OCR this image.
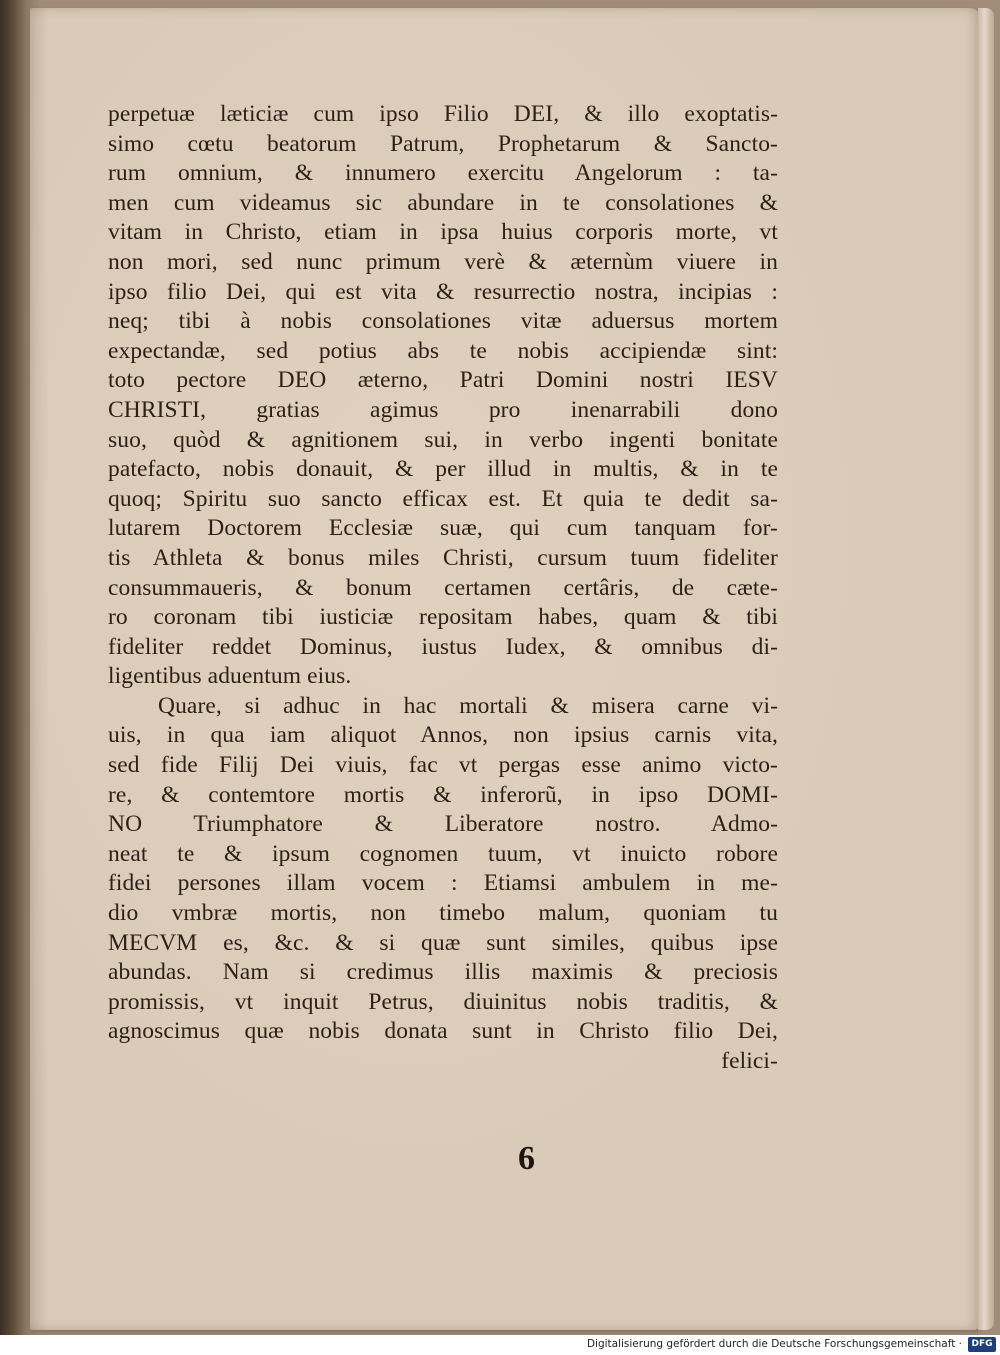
perpetuæ læticiæ cum ipso Filio DEI, & illo exoptatis-
simo cœtu beatorum Patrum, Prophetarum & Sancto-
rum omnium, & innumero exercitu Angelorum : ta-
men cum videamus sic abundare in te consolationes &
vitam in Christo, etiam in ipsa huius corporis morte, vt
non mori, sed nunc primum verè & æternùm viuere in
ipso filio Dei, qui est vita & resurrectio nostra, incipias :
neq; tibi à nobis consolationes vitæ aduersus mortem
expectandæ, sed potius abs te nobis accipiendæ sint:
toto pectore DEO æterno, Patri Domini nostri IESV
CHRISTI, gratias agimus pro inenarrabili dono
suo, quòd & agnitionem sui, in verbo ingenti bonitate
patefacto, nobis donauit, & per illud in multis, & in te
quoq; Spiritu suo sancto efficax est. Et quia te dedit sa-
lutarem Doctorem Ecclesiæ suæ, qui cum tanquam for-
tis Athleta & bonus miles Christi, cursum tuum fideliter
consummaueris, & bonum certamen certâris, de cæte-
ro coronam tibi iusticiæ repositam habes, quam & tibi
fideliter reddet Dominus, iustus Iudex, & omnibus di-
ligentibus aduentum eius.
Quare, si adhuc in hac mortali & misera carne vi-
uis, in qua iam aliquot Annos, non ipsius carnis vita,
sed fide Filij Dei viuis, fac vt pergas esse animo victo-
re, & contemtore mortis & inferorũ, in ipso DOMI-
NO Triumphatore & Liberatore nostro. Admo-
neat te & ipsum cognomen tuum, vt inuicto robore
fidei persones illam vocem : Etiamsi ambulem in me-
dio vmbræ mortis, non timebo malum, quoniam tu
MECVM es, &c. & si quæ sunt similes, quibus ipse
abundas. Nam si credimus illis maximis & preciosis
promissis, vt inquit Petrus, diuinitus nobis traditis, &
agnoscimus quæ nobis donata sunt in Christo filio Dei,
felici-
6
Digitalisierung gefördert durch die Deutsche Forschungsgemeinschaft ·	DFG
